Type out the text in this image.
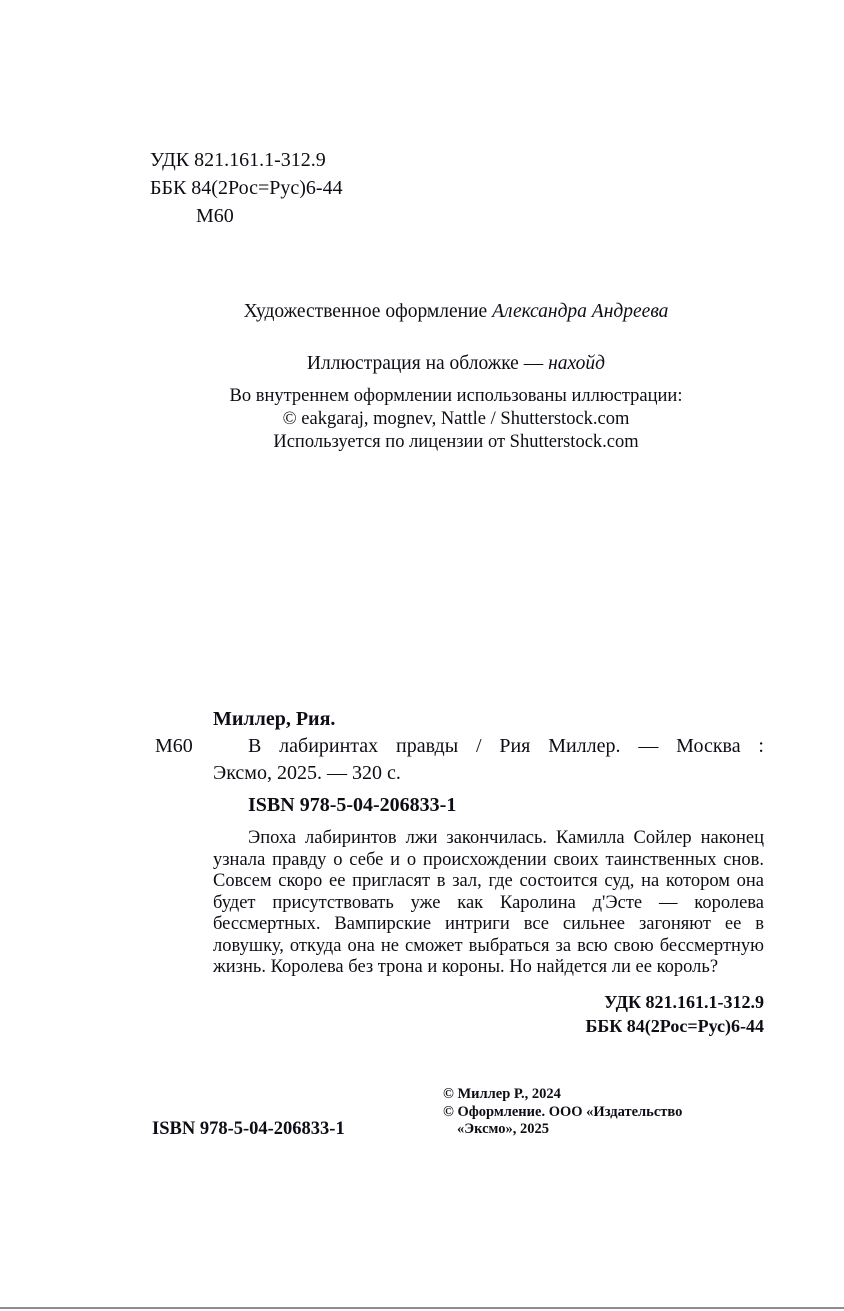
УДК 821.161.1-312.9
ББК 84(2Рос=Рус)6-44
М60

Художественное оформление Александра Андреева

Иллюстрация на обложке — нахойд

Во внутреннем оформлении использованы иллюстрации:
© eakgaraj, mognev, Nattle / Shutterstock.com
Используется по лицензии от Shutterstock.com
Миллер, Рия.
М60	В лабиринтах правды / Рия Миллер. — Москва :
Эксмо, 2025. — 320 с.
ISBN 978-5-04-206833-1

Эпоха лабиринтов лжи закончилась. Камилла Сойлер наконец узнала правду о себе и о происхождении своих таинственных снов. Совсем скоро ее пригласят в зал, где состоится суд, на котором она будет присутствовать уже как Каролина д'Эсте — королева бессмертных. Вампирские интриги все сильнее загоняют ее в ловушку, откуда она не сможет выбраться за всю свою бессмертную жизнь. Королева без трона и короны. Но найдется ли ее король?

УДК 821.161.1-312.9
ББК 84(2Рос=Рус)6-44
ISBN 978-5-04-206833-1
© Миллер Р., 2024
© Оформление. ООО «Издательство
«Эксмо», 2025
